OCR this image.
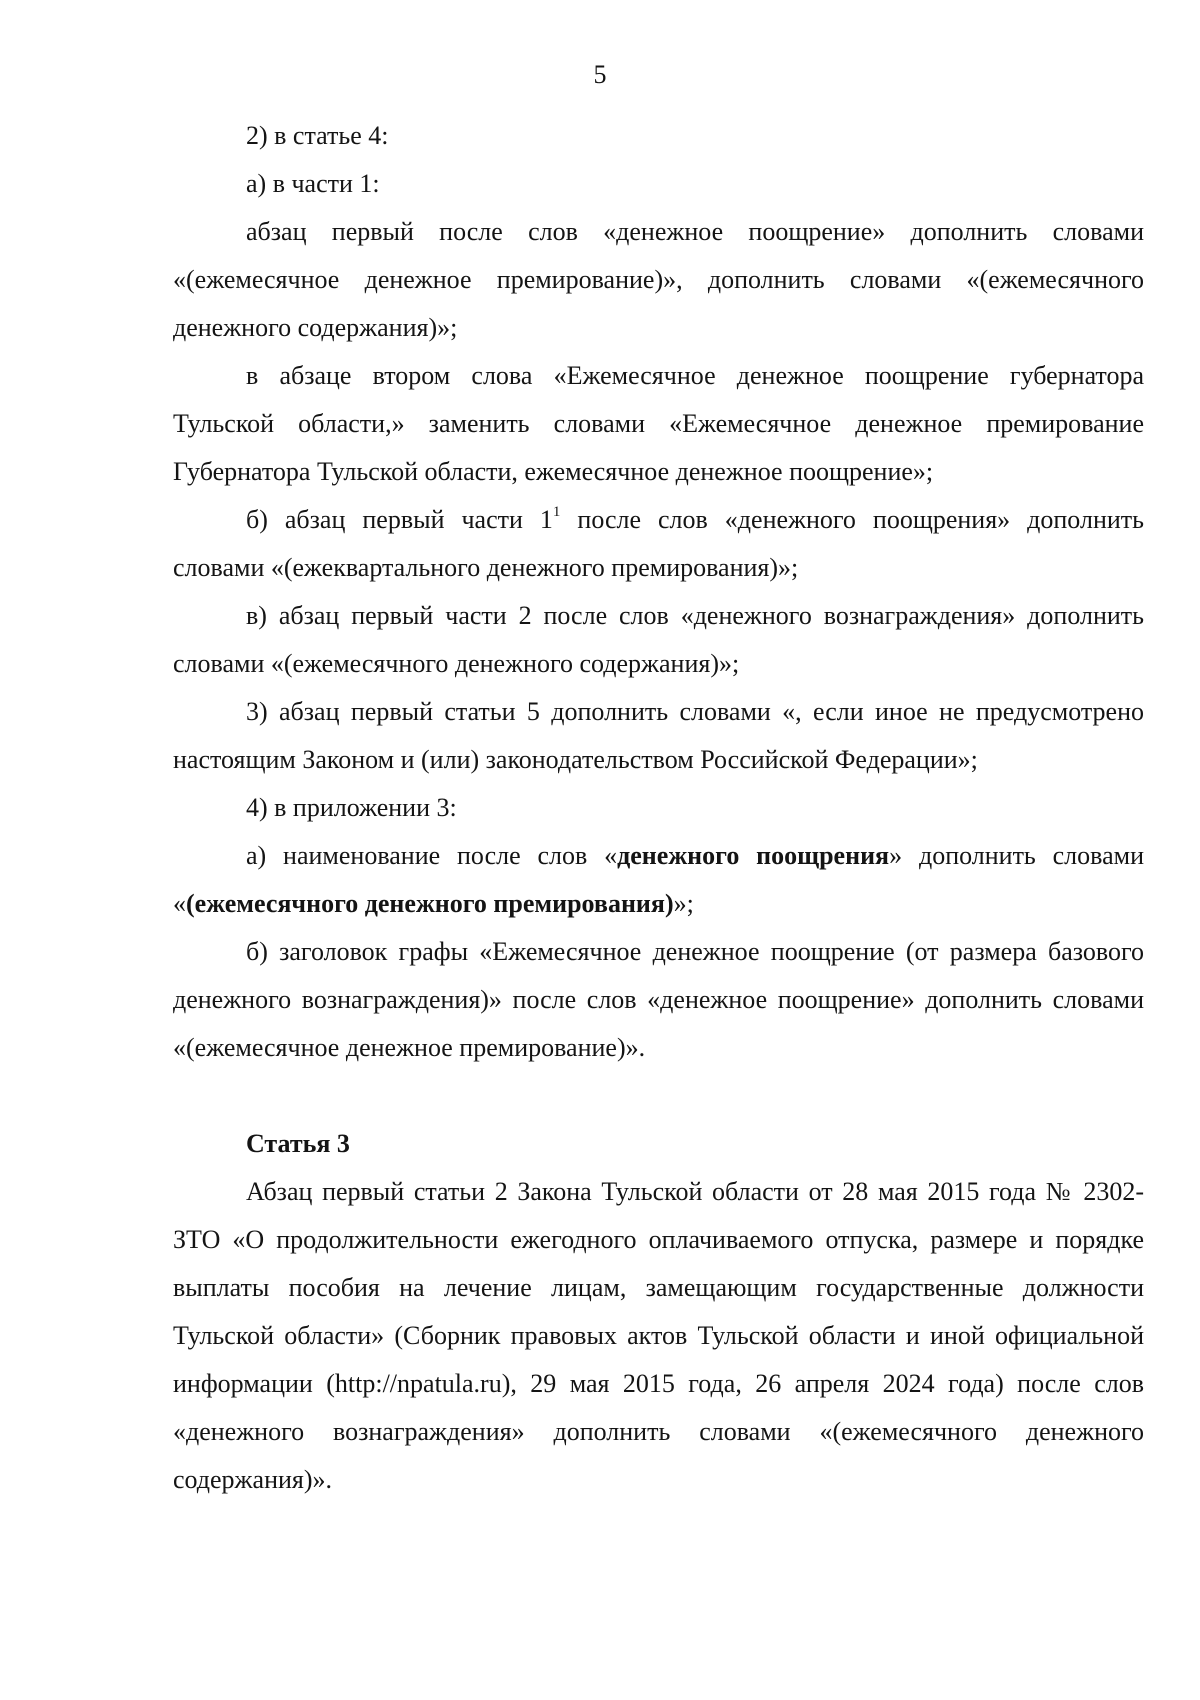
5

2) в статье 4:

а) в части 1:

абзац первый после слов «денежное поощрение» дополнить словами «(ежемесячное денежное премирование)», дополнить словами «(ежемесячного денежного содержания)»;

в абзаце втором слова «Ежемесячное денежное поощрение губернатора Тульской области,» заменить словами «Ежемесячное денежное премирование Губернатора Тульской области, ежемесячное денежное поощрение»;

б) абзац первый части $1^1$ после слов «денежного поощрения» дополнить словами «(ежеквартального денежного премирования)»;

в) абзац первый части 2 после слов «денежного вознаграждения» дополнить словами «(ежемесячного денежного содержания)»;

3) абзац первый статьи 5 дополнить словами «, если иное не предусмотрено настоящим Законом и (или) законодательством Российской Федерации»;

4) в приложении 3:

а) наименование после слов «денежного поощрения» дополнить словами «(ежемесячного денежного премирования)»;

б) заголовок графы «Ежемесячное денежное поощрение (от размера базового денежного вознаграждения)» после слов «денежное поощрение» дополнить словами «(ежемесячное денежное премирование)».

Статья 3

Абзац первый статьи 2 Закона Тульской области от 28 мая 2015 года № 2302-ЗТО «О продолжительности ежегодного оплачиваемого отпуска, размере и порядке выплаты пособия на лечение лицам, замещающим государственные должности Тульской области» (Сборник правовых актов Тульской области и иной официальной информации (http://npatula.ru), 29 мая 2015 года, 26 апреля 2024 года) после слов «денежного вознаграждения» дополнить словами «(ежемесячного денежного содержания)».
